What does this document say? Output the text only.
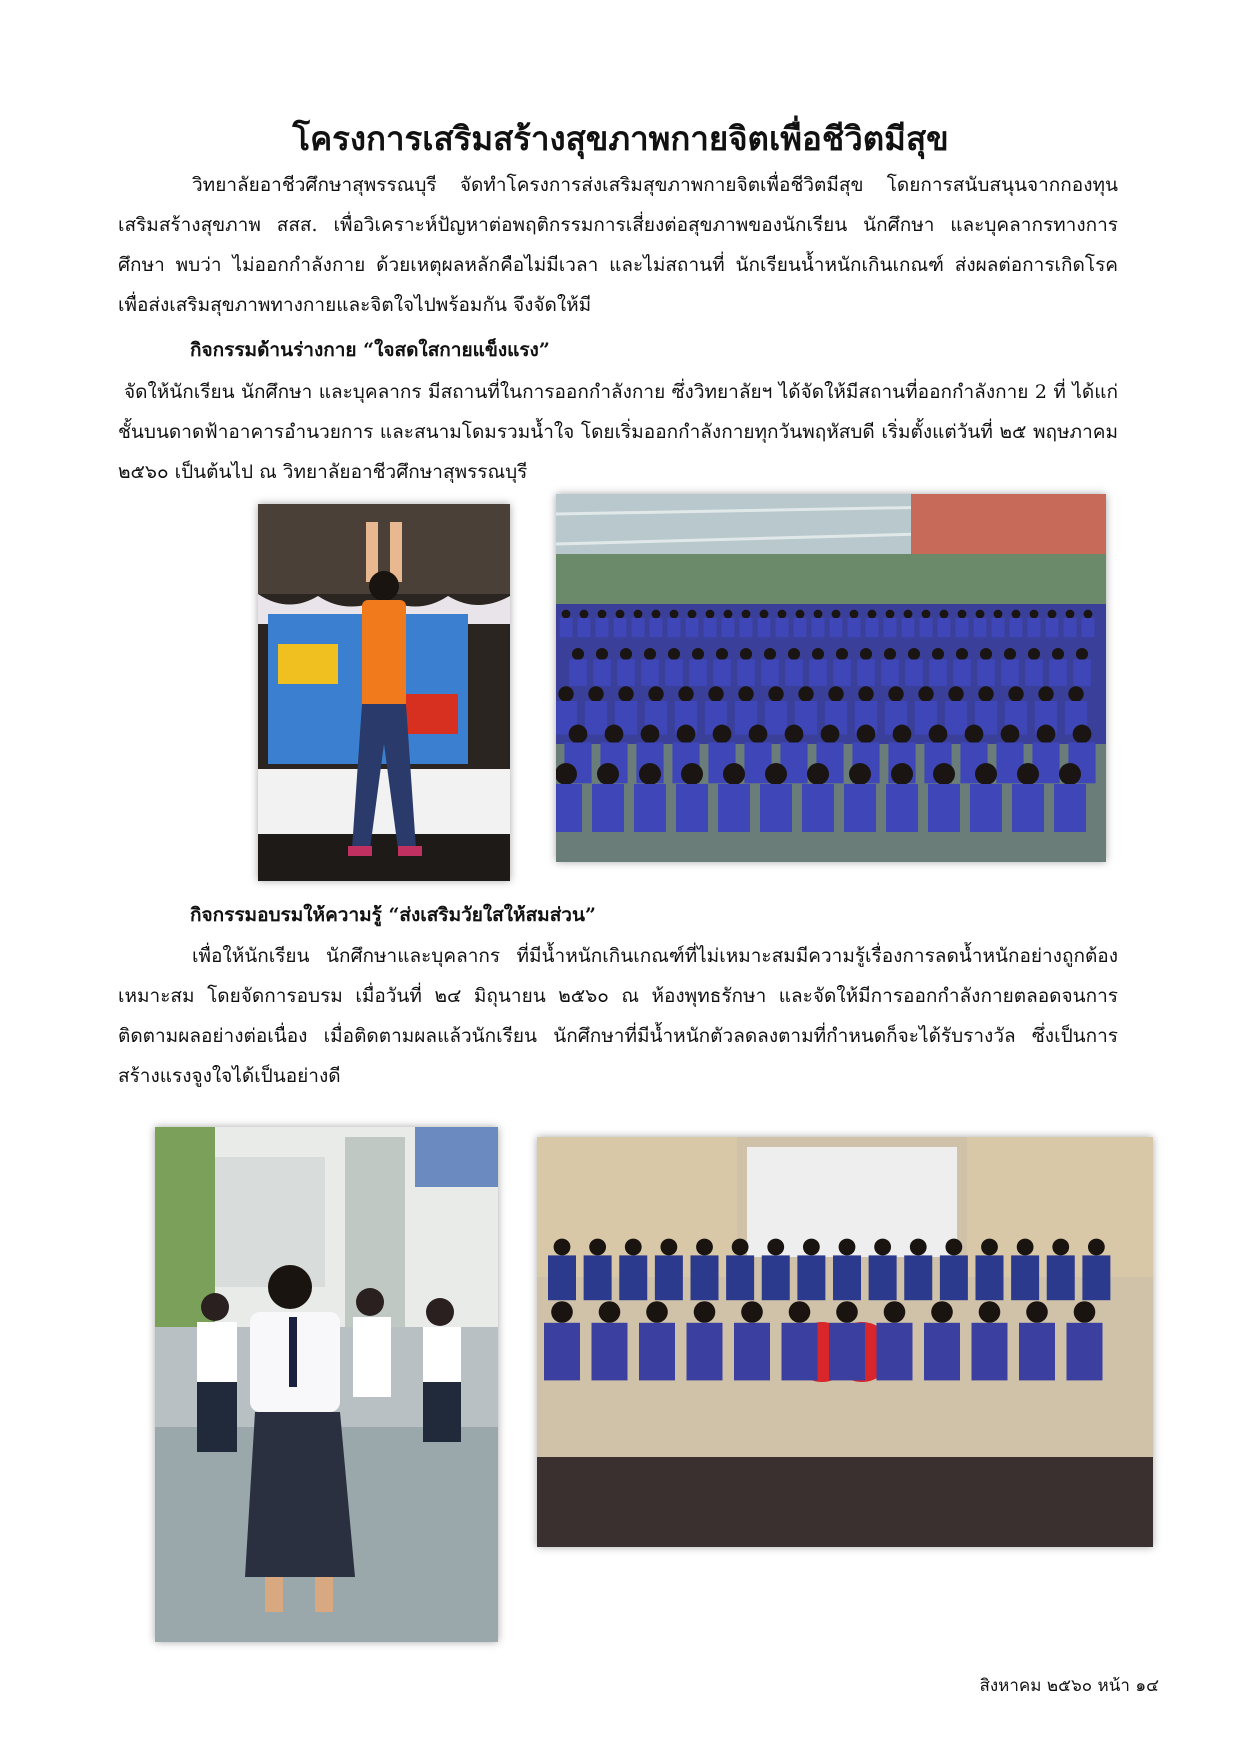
โครงการเสริมสร้างสุขภาพกายจิตเพื่อชีวิตมีสุข

วิทยาลัยอาชีวศึกษาสุพรรณบุรี จัดทำโครงการส่งเสริมสุขภาพกายจิตเพื่อชีวิตมีสุข โดยการสนับสนุนจากกองทุนเสริมสร้างสุขภาพ สสส. เพื่อวิเคราะห์ปัญหาต่อพฤติกรรมการเสี่ยงต่อสุขภาพของนักเรียน นักศึกษา และบุคลากรทางการศึกษา พบว่า ไม่ออกกำลังกาย ด้วยเหตุผลหลักคือไม่มีเวลา และไม่สถานที่ นักเรียนน้ำหนักเกินเกณฑ์ ส่งผลต่อการเกิดโรค เพื่อส่งเสริมสุขภาพทางกายและจิตใจไปพร้อมกัน จึงจัดให้มี

กิจกรรมด้านร่างกาย “ใจสดใสกายแข็งแรง”

จัดให้นักเรียน นักศึกษา และบุคลากร มีสถานที่ในการออกกำลังกาย ซึ่งวิทยาลัยฯ ได้จัดให้มีสถานที่ออกกำลังกาย 2 ที่ ได้แก่ ชั้นบนดาดฟ้าอาคารอำนวยการ และสนามโดมรวมน้ำใจ โดยเริ่มออกกำลังกายทุกวันพฤหัสบดี เริ่มตั้งแต่วันที่ ๒๕ พฤษภาคม ๒๕๖๐ เป็นต้นไป ณ วิทยาลัยอาชีวศึกษาสุพรรณบุรี

กิจกรรมอบรมให้ความรู้ “ส่งเสริมวัยใสให้สมส่วน”

เพื่อให้นักเรียน นักศึกษาและบุคลากร ที่มีน้ำหนักเกินเกณฑ์ที่ไม่เหมาะสมมีความรู้เรื่องการลดน้ำหนักอย่างถูกต้องเหมาะสม โดยจัดการอบรม เมื่อวันที่ ๒๔ มิถุนายน ๒๕๖๐ ณ ห้องพุทธรักษา และจัดให้มีการออกกำลังกายตลอดจนการติดตามผลอย่างต่อเนื่อง เมื่อติดตามผลแล้วนักเรียน นักศึกษาที่มีน้ำหนักตัวลดลงตามที่กำหนดก็จะได้รับรางวัล ซึ่งเป็นการสร้างแรงจูงใจได้เป็นอย่างดี

สิงหาคม ๒๕๖๐ หน้า ๑๔
